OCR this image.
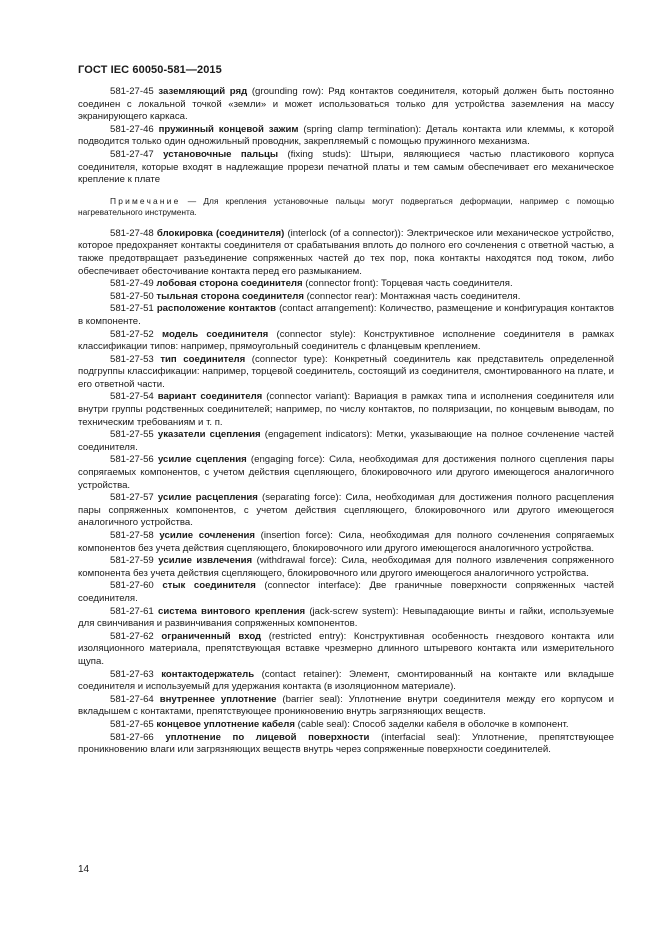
ГОСТ IEC 60050-581—2015

581-27-45 заземляющий ряд (grounding row): Ряд контактов соединителя, который должен быть постоянно соединен с локальной точкой «земли» и может использоваться только для устройства заземления на массу экранирующего каркаса.

581-27-46 пружинный концевой зажим (spring clamp termination): Деталь контакта или клеммы, к которой подводится только один одножильный проводник, закрепляемый с помощью пружинного механизма.

581-27-47 установочные пальцы (fixing studs): Штыри, являющиеся частью пластикового корпуса соединителя, которые входят в надлежащие прорези печатной платы и тем самым обеспечивает его механическое крепление к плате

Примечание — Для крепления установочные пальцы могут подвергаться деформации, например с помощью нагревательного инструмента.

581-27-48 блокировка (соединителя) (interlock (of a connector)): Электрическое или механическое устройство, которое предохраняет контакты соединителя от срабатывания вплоть до полного его сочленения с ответной частью, а также предотвращает разъединение сопряженных частей до тех пор, пока контакты находятся под током, либо обеспечивает обесточивание контакта перед его размыканием.

581-27-49 лобовая сторона соединителя (connector front): Торцевая часть соединителя.

581-27-50 тыльная сторона соединителя (connector rear): Монтажная часть соединителя.

581-27-51 расположение контактов (contact arrangement): Количество, размещение и конфигурация контактов в компоненте.

581-27-52 модель соединителя (connector style): Конструктивное исполнение соединителя в рамках классификации типов: например, прямоугольный соединитель с фланцевым креплением.

581-27-53 тип соединителя (connector type): Конкретный соединитель как представитель определенной подгруппы классификации: например, торцевой соединитель, состоящий из соединителя, смонтированного на плате, и его ответной части.

581-27-54 вариант соединителя (connector variant): Вариация в рамках типа и исполнения соединителя или внутри группы родственных соединителей; например, по числу контактов, по поляризации, по концевым выводам, по техническим требованиям и т. п.

581-27-55 указатели сцепления (engagement indicators): Метки, указывающие на полное сочленение частей соединителя.

581-27-56 усилие сцепления (engaging force): Сила, необходимая для достижения полного сцепления пары сопрягаемых компонентов, с учетом действия сцепляющего, блокировочного или другого имеющегося аналогичного устройства.

581-27-57 усилие расцепления (separating force): Сила, необходимая для достижения полного расцепления пары сопряженных компонентов, с учетом действия сцепляющего, блокировочного или другого имеющегося аналогичного устройства.

581-27-58 усилие сочленения (insertion force): Сила, необходимая для полного сочленения сопрягаемых компонентов без учета действия сцепляющего, блокировочного или другого имеющегося аналогичного устройства.

581-27-59 усилие извлечения (withdrawal force): Сила, необходимая для полного извлечения сопряженного компонента без учета действия сцепляющего, блокировочного или другого имеющегося аналогичного устройства.

581-27-60 стык соединителя (connector interface): Две граничные поверхности сопряженных частей соединителя.

581-27-61 система винтового крепления (jack-screw system): Невыпадающие винты и гайки, используемые для свинчивания и развинчивания сопряженных компонентов.

581-27-62 ограниченный вход (restricted entry): Конструктивная особенность гнездового контакта или изоляционного материала, препятствующая вставке чрезмерно длинного штыревого контакта или измерительного щупа.

581-27-63 контактодержатель (contact retainer): Элемент, смонтированный на контакте или вкладыше соединителя и используемый для удержания контакта (в изоляционном материале).

581-27-64 внутреннее уплотнение (barrier seal): Уплотнение внутри соединителя между его корпусом и вкладышем с контактами, препятствующее проникновению внутрь загрязняющих веществ.

581-27-65 концевое уплотнение кабеля (cable seal): Способ заделки кабеля в оболочке в компонент.

581-27-66 уплотнение по лицевой поверхности (interfacial seal): Уплотнение, препятствующее проникновению влаги или загрязняющих веществ внутрь через сопряженные поверхности соединителей.

14
